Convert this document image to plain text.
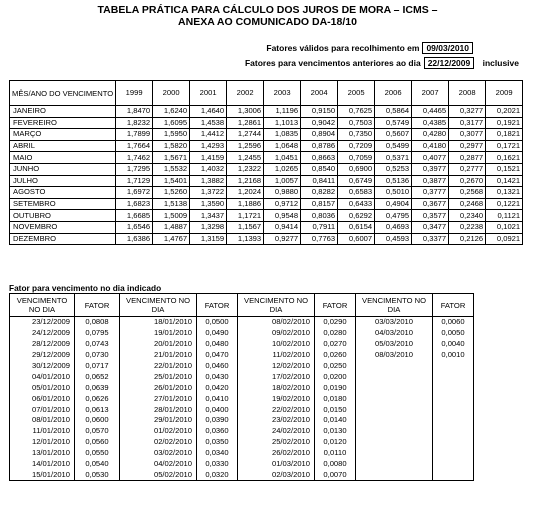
TABELA PRÁTICA PARA CÁLCULO DOS JUROS DE MORA – ICMS –
ANEXA AO COMUNICADO DA-18/10
Fatores válidos para recolhimento em 09/03/2010
Fatores para vencimentos anteriores ao dia 22/12/2009 inclusive
MÊS/ANO DO VENCIMENTO	1999	2000	2001	2002	2003	2004	2005	2006	2007	2008	2009
JANEIRO	1,8470	1,6240	1,4640	1,3006	1,1196	0,9150	0,7625	0,5864	0,4465	0,3277	0,2021
FEVEREIRO	1,8232	1,6095	1,4538	1,2861	1,1013	0,9042	0,7503	0,5749	0,4385	0,3177	0,1921
MARÇO	1,7899	1,5950	1,4412	1,2744	1,0835	0,8904	0,7350	0,5607	0,4280	0,3077	0,1821
ABRIL	1,7664	1,5820	1,4293	1,2596	1,0648	0,8786	0,7209	0,5499	0,4180	0,2977	0,1721
MAIO	1,7462	1,5671	1,4159	1,2455	1,0451	0,8663	0,7059	0,5371	0,4077	0,2877	0,1621
JUNHO	1,7295	1,5532	1,4032	1,2322	1,0265	0,8540	0,6900	0,5253	0,3977	0,2777	0,1521
JULHO	1,7129	1,5401	1,3882	1,2168	1,0057	0,8411	0,6749	0,5136	0,3877	0,2670	0,1421
AGOSTO	1,6972	1,5260	1,3722	1,2024	0,9880	0,8282	0,6583	0,5010	0,3777	0,2568	0,1321
SETEMBRO	1,6823	1,5138	1,3590	1,1886	0,9712	0,8157	0,6433	0,4904	0,3677	0,2468	0,1221
OUTUBRO	1,6685	1,5009	1,3437	1,1721	0,9548	0,8036	0,6292	0,4795	0,3577	0,2340	0,1121
NOVEMBRO	1,6546	1,4887	1,3298	1,1567	0,9414	0,7911	0,6154	0,4693	0,3477	0,2238	0,1021
DEZEMBRO	1,6386	1,4767	1,3159	1,1393	0,9277	0,7763	0,6007	0,4593	0,3377	0,2126	0,0921
Fator para vencimento no dia indicado
VENCIMENTO NO DIA	FATOR	VENCIMENTO NO DIA	FATOR	VENCIMENTO NO DIA	FATOR	VENCIMENTO NO DIA	FATOR
23/12/2009	0,0808	18/01/2010	0,0500	08/02/2010	0,0290	03/03/2010	0,0060
24/12/2009	0,0795	19/01/2010	0,0490	09/02/2010	0,0280	04/03/2010	0,0050
28/12/2009	0,0743	20/01/2010	0,0480	10/02/2010	0,0270	05/03/2010	0,0040
29/12/2009	0,0730	21/01/2010	0,0470	11/02/2010	0,0260	08/03/2010	0,0010
30/12/2009	0,0717	22/01/2010	0,0460	12/02/2010	0,0250		
04/01/2010	0,0652	25/01/2010	0,0430	17/02/2010	0,0200		
05/01/2010	0,0639	26/01/2010	0,0420	18/02/2010	0,0190		
06/01/2010	0,0626	27/01/2010	0,0410	19/02/2010	0,0180		
07/01/2010	0,0613	28/01/2010	0,0400	22/02/2010	0,0150		
08/01/2010	0,0600	29/01/2010	0,0390	23/02/2010	0,0140		
11/01/2010	0,0570	01/02/2010	0,0360	24/02/2010	0,0130		
12/01/2010	0,0560	02/02/2010	0,0350	25/02/2010	0,0120		
13/01/2010	0,0550	03/02/2010	0,0340	26/02/2010	0,0110		
14/01/2010	0,0540	04/02/2010	0,0330	01/03/2010	0,0080		
15/01/2010	0,0530	05/02/2010	0,0320	02/03/2010	0,0070		
